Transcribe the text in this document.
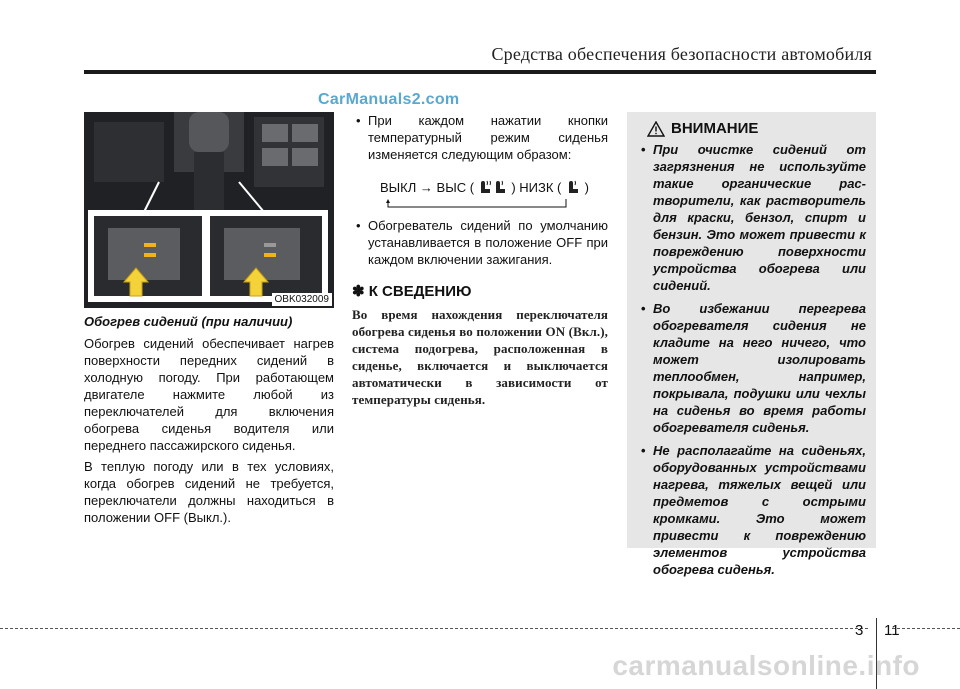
Средства обеспечения безопасности автомобиля
CarManuals2.com
OBK032009
Обогрев сидений (при наличии)

Обогрев сидений обеспечивает нагрев поверхности передних сидений в холодную погоду. При работающем двигателе нажмите любой из переключателей для включения обогрева сиденья водителя или переднего пассажирского сиденья.

В теплую погоду или в тех условиях, когда обогрев сидений не требуется, переключатели должны находиться в положении OFF (Выкл.).

• При каждом нажатии кнопки температурный режим сиденья изменяется следующим образом:

ВЫКЛ → ВЫС (	) НИЗК ( )

• Обогреватель сидений по умолчанию устанавливается в положение OFF при каждом включении зажигания.

✽ К СВЕДЕНИЮ

Во время нахождения переключателя обогрева сиденья во положении ON (Вкл.), система подогрева, расположенная в сиденье, включается и выключается автоматически в зависимости от температуры сиденья.

ВНИМАНИЕ

• При очистке сидений от загрязнения не используйте такие органические рас-творители, как растворитель для краски, бензол, спирт и бензин. Это может привести к повреждению поверхности устройства обогрева или сидений.

• Во избежании перегрева обогревателя сидения не кладите на него ничего, что может изолировать теплообмен, например, покрывала, подушки или чехлы на сиденья во время работы обогревателя сиденья.

• Не располагайте на сиденьях, оборудованных устройствами нагрева, тяжелых вещей или предметов с острыми кромками. Это может привести к повреждению элементов устройства обогрева сиденья.

3 11
carmanualsonline.info
